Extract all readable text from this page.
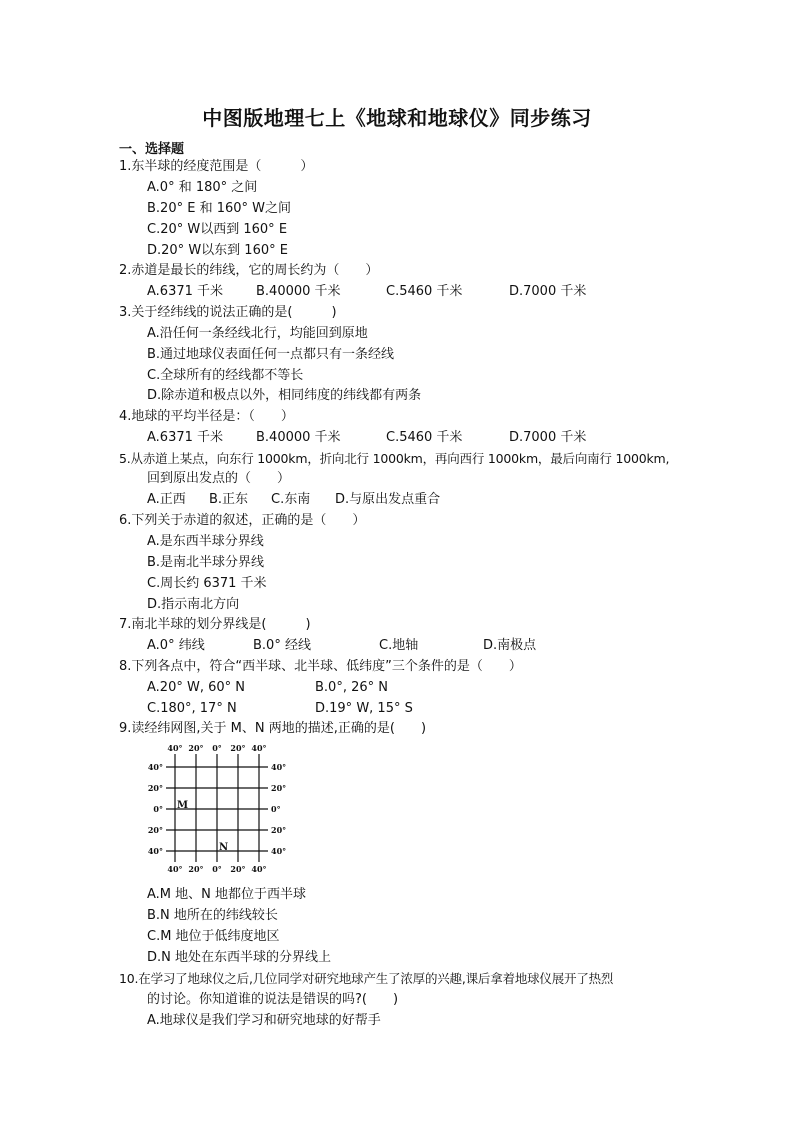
中图版地理七上《地球和地球仪》同步练习
一、选择题
1.东半球的经度范围是（　　　）
A.0° 和 180° 之间
B.20° E 和 160° W之间
C.20° W以西到 160° E
D.20° W以东到 160° E
2.赤道是最长的纬线，它的周长约为（　　）
A.6371 千米	B.40000 千米	C.5460 千米	D.7000 千米
3.关于经纬线的说法正确的是(　　　)
A.沿任何一条经线北行，均能回到原地
B.通过地球仪表面任何一点都只有一条经线
C.全球所有的经线都不等长
D.除赤道和极点以外，相同纬度的纬线都有两条
4.地球的平均半径是：（　　）
A.6371 千米	B.40000 千米	C.5460 千米	D.7000 千米
5.从赤道上某点，向东行 1000km，折向北行 1000km，再向西行 1000km，最后向南行 1000km,
回到原出发点的（　　）
A.正西	B.正东	C.东南	D.与原出发点重合
6.下列关于赤道的叙述，正确的是（　　）
A.是东西半球分界线
B.是南北半球分界线
C.周长约 6371 千米
D.指示南北方向
7.南北半球的划分界线是(　　　)
A.0° 纬线	B.0° 经线	C.地轴	D.南极点
8.下列各点中，符合“西半球、北半球、低纬度”三个条件的是（　　）
A.20° W, 60° N	B.0°, 26° N
C.180°, 17° N	D.19° W, 15° S
9.读经纬网图,关于 M、N 两地的描述,正确的是(　　)
40° 20° 0° 20° 40°
40° 20° 0° 20° 40°
40°
20°
0°
20°
40°
40°
20°
0°
20°
40°
M
N
A.M 地、N 地都位于西半球
B.N 地所在的纬线较长
C.M 地位于低纬度地区
D.N 地处在东西半球的分界线上
10.在学习了地球仪之后,几位同学对研究地球产生了浓厚的兴趣,课后拿着地球仪展开了热烈
的讨论。你知道谁的说法是错误的吗?(　　)
A.地球仪是我们学习和研究地球的好帮手
